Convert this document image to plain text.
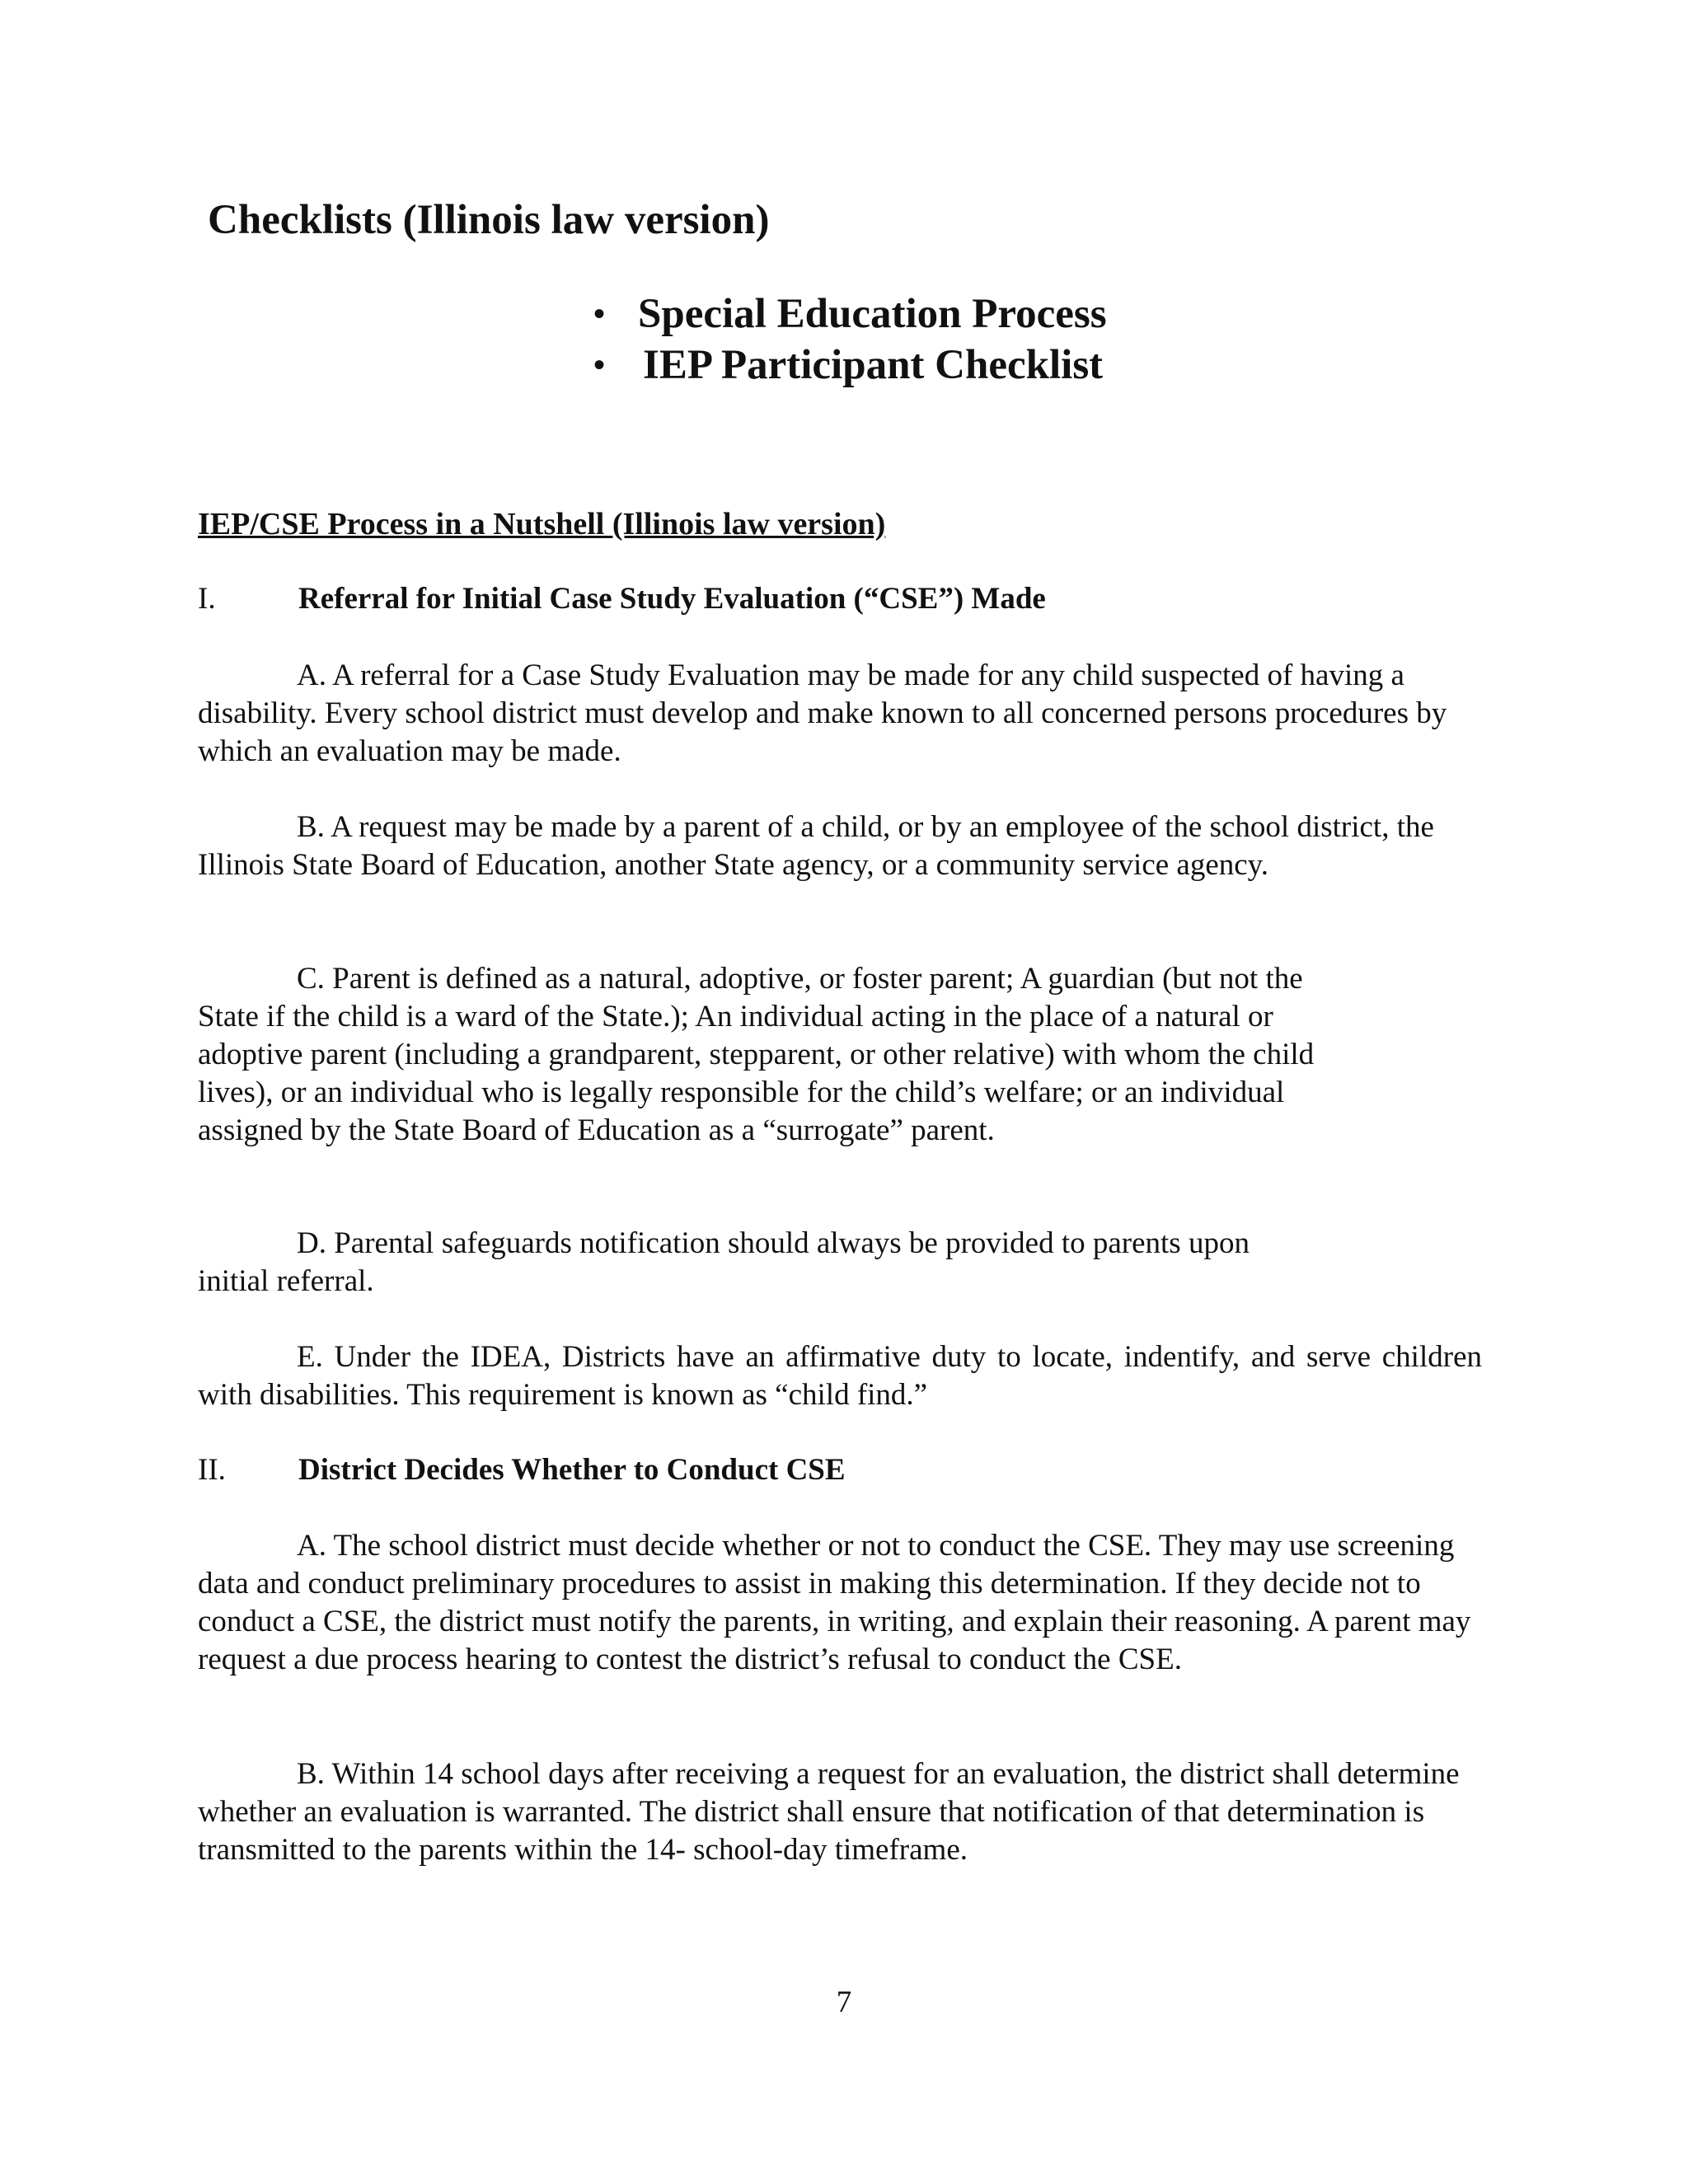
Checklists (Illinois law version)
• Special Education Process
• IEP Participant Checklist
IEP/CSE Process in a Nutshell (Illinois law version)
I.	Referral for Initial Case Study Evaluation (“CSE”) Made

A. A referral for a Case Study Evaluation may be made for any child suspected of having a disability. Every school district must develop and make known to all concerned persons procedures by which an evaluation may be made.

B. A request may be made by a parent of a child, or by an employee of the school district, the Illinois State Board of Education, another State agency, or a community service agency.

C. Parent is defined as a natural, adoptive, or foster parent; A guardian (but not the State if the child is a ward of the State.); An individual acting in the place of a natural or adoptive parent (including a grandparent, stepparent, or other relative) with whom the child lives), or an individual who is legally responsible for the child’s welfare; or an individual assigned by the State Board of Education as a “surrogate” parent.

D. Parental safeguards notification should always be provided to parents upon initial referral.

E. Under the IDEA, Districts have an affirmative duty to locate, indentify, and serve children with disabilities. This requirement is known as “child find.”

II. District Decides Whether to Conduct CSE

A. The school district must decide whether or not to conduct the CSE. They may use screening data and conduct preliminary procedures to assist in making this determination. If they decide not to conduct a CSE, the district must notify the parents, in writing, and explain their reasoning. A parent may request a due process hearing to contest the district’s refusal to conduct the CSE.

B. Within 14 school days after receiving a request for an evaluation, the district shall determine whether an evaluation is warranted. The district shall ensure that notification of that determination is transmitted to the parents within the 14- school-day timeframe.

7
